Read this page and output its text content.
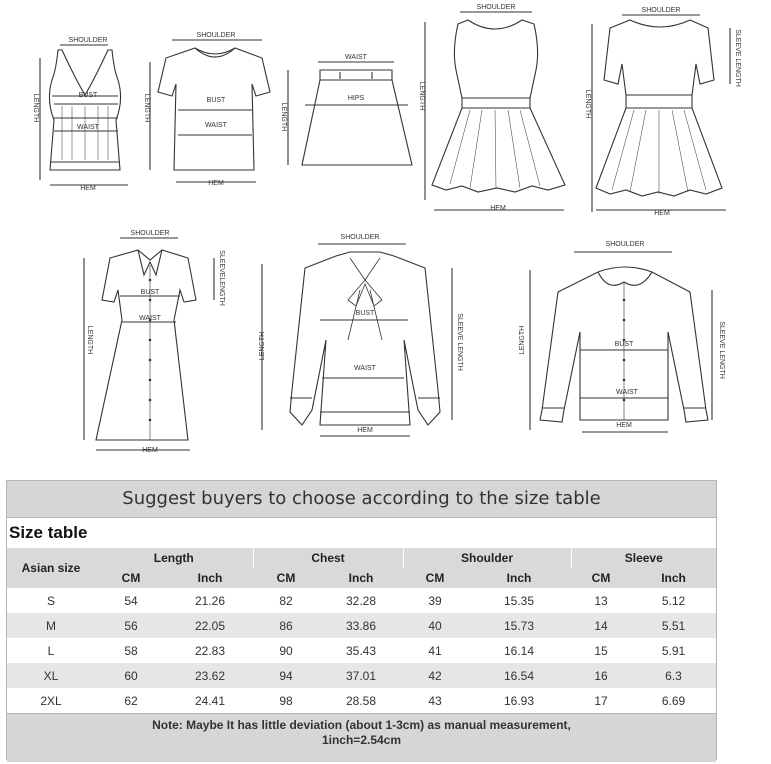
SHOULDER
BUST
WAIST
HEM
LENGTH
SHOULDER
BUST
WAIST
HEM
LENGTH
WAIST
HIPS
LENGTH
SHOULDER
HEM
LENGTH
SHOULDER
HEM
SLEEVE LENGTH
LENGTH
SHOULDER
BUST
WAIST
HEM
SLEEVELENGTH
LENGTH
SHOULDER
BUST
WAIST
HEM
SLEEVE LENGTH
LENGTH
SHOULDER
BUST
WAIST
HEM
SLEEVE LENGTH
LENGTH
Suggest buyers to choose according to the size table
Size table
Asian size	Length		Chest		Shoulder		Sleeve	
	CM	Inch	CM	Inch	CM	Inch	CM	Inch
S	54	21.26	82	32.28	39	15.35	13	5.12
M	56	22.05	86	33.86	40	15.73	14	5.51
L	58	22.83	90	35.43	41	16.14	15	5.91
XL	60	23.62	94	37.01	42	16.54	16	6.3
2XL	62	24.41	98	28.58	43	16.93	17	6.69
Note: Maybe It has little deviation (about 1-3cm) as manual measurement,
1inch=2.54cm
